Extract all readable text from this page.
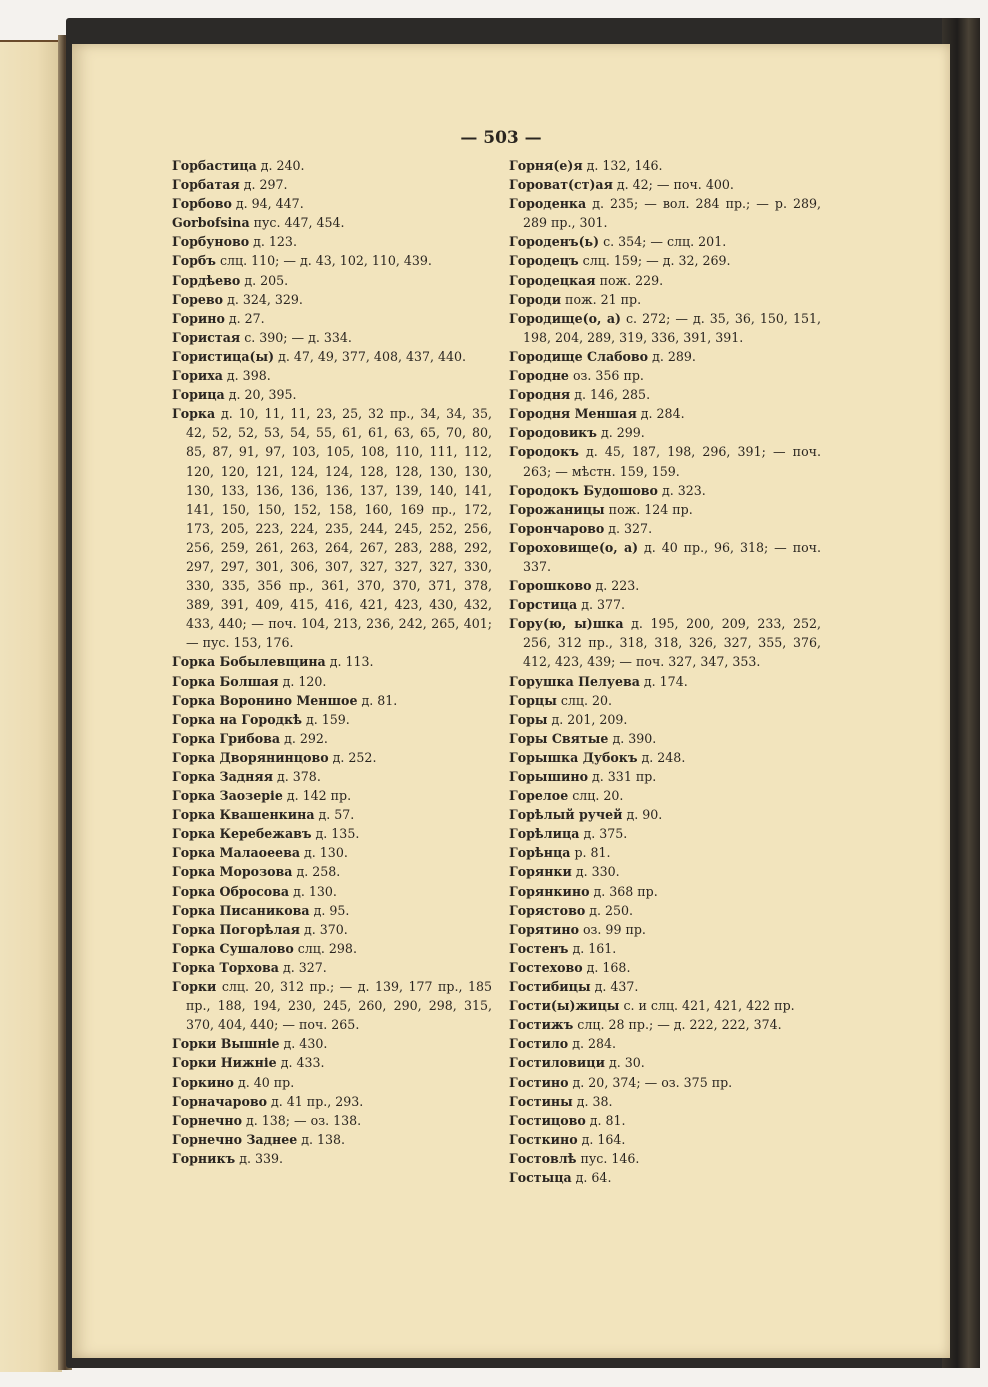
— 503 —
Горбастица д. 240.
Горбатая д. 297.
Горбово д. 94, 447.
Gorbofsina пус. 447, 454.
Горбуново д. 123.
Горбъ слц. 110; — д. 43, 102, 110, 439.
Гордѣево д. 205.
Горево д. 324, 329.
Горино д. 27.
Гористая с. 390; — д. 334.
Гористица(ы) д. 47, 49, 377, 408, 437, 440.
Гориха д. 398.
Горица д. 20, 395.
Горка д. 10, 11, 11, 23, 25, 32 пр., 34, 34, 35, 42, 52, 52, 53, 54, 55, 61, 61, 63, 65, 70, 80, 85, 87, 91, 97, 103, 105, 108, 110, 111, 112, 120, 120, 121, 124, 124, 128, 128, 130, 130, 130, 133, 136, 136, 136, 137, 139, 140, 141, 141, 150, 150, 152, 158, 160, 169 пр., 172, 173, 205, 223, 224, 235, 244, 245, 252, 256, 256, 259, 261, 263, 264, 267, 283, 288, 292, 297, 297, 301, 306, 307, 327, 327, 327, 330, 330, 335, 356 пр., 361, 370, 370, 371, 378, 389, 391, 409, 415, 416, 421, 423, 430, 432, 433, 440; — поч. 104, 213, 236, 242, 265, 401; — пус. 153, 176.
Горка Бобылевщина д. 113.
Горка Болшая д. 120.
Горка Воронино Меншое д. 81.
Горка на Городкѣ д. 159.
Горка Грибова д. 292.
Горка Дворянинцово д. 252.
Горка Задняя д. 378.
Горка Заозеріе д. 142 пр.
Горка Квашенкина д. 57.
Горка Керебежавъ д. 135.
Горка Малаоеева д. 130.
Горка Морозова д. 258.
Горка Обросова д. 130.
Горка Писаникова д. 95.
Горка Погорѣлая д. 370.
Горка Сушалово слц. 298.
Горка Торхова д. 327.
Горки слц. 20, 312 пр.; — д. 139, 177 пр., 185 пр., 188, 194, 230, 245, 260, 290, 298, 315, 370, 404, 440; — поч. 265.
Горки Вышніе д. 430.
Горки Нижніе д. 433.
Горкино д. 40 пр.
Горначарово д. 41 пр., 293.
Горнечно д. 138; — оз. 138.
Горнечно Заднее д. 138.
Горникъ д. 339.
Горня(е)я д. 132, 146.
Гороват(ст)ая д. 42; — поч. 400.
Городенка д. 235; — вол. 284 пр.; — р. 289, 289 пр., 301.
Городенъ(ь) с. 354; — слц. 201.
Городецъ слц. 159; — д. 32, 269.
Городецкая пож. 229.
Городи пож. 21 пр.
Городище(о, а) с. 272; — д. 35, 36, 150, 151, 198, 204, 289, 319, 336, 391, 391.
Городище Слабово д. 289.
Городне оз. 356 пр.
Городня д. 146, 285.
Городня Меншая д. 284.
Городовикъ д. 299.
Городокъ д. 45, 187, 198, 296, 391; — поч. 263; — мѣстн. 159, 159.
Городокъ Будошово д. 323.
Горожаницы пож. 124 пр.
Горончарово д. 327.
Гороховище(о, а) д. 40 пр., 96, 318; — поч. 337.
Горошково д. 223.
Горстица д. 377.
Гору(ю, ы)шка д. 195, 200, 209, 233, 252, 256, 312 пр., 318, 318, 326, 327, 355, 376, 412, 423, 439; — поч. 327, 347, 353.
Горушка Пелуева д. 174.
Горцы слц. 20.
Горы д. 201, 209.
Горы Святые д. 390.
Горышка Дубокъ д. 248.
Горышино д. 331 пр.
Горелое слц. 20.
Горѣлый ручей д. 90.
Горѣлица д. 375.
Горѣнца р. 81.
Горянки д. 330.
Горянкино д. 368 пр.
Горястово д. 250.
Горятино оз. 99 пр.
Гостенъ д. 161.
Гостехово д. 168.
Гостибицы д. 437.
Гости(ы)жицы с. и слц. 421, 421, 422 пр.
Гостижъ слц. 28 пр.; — д. 222, 222, 374.
Гостило д. 284.
Гостиловици д. 30.
Гостино д. 20, 374; — оз. 375 пр.
Гостины д. 38.
Гостицово д. 81.
Госткино д. 164.
Гостовлѣ пус. 146.
Гостыца д. 64.
